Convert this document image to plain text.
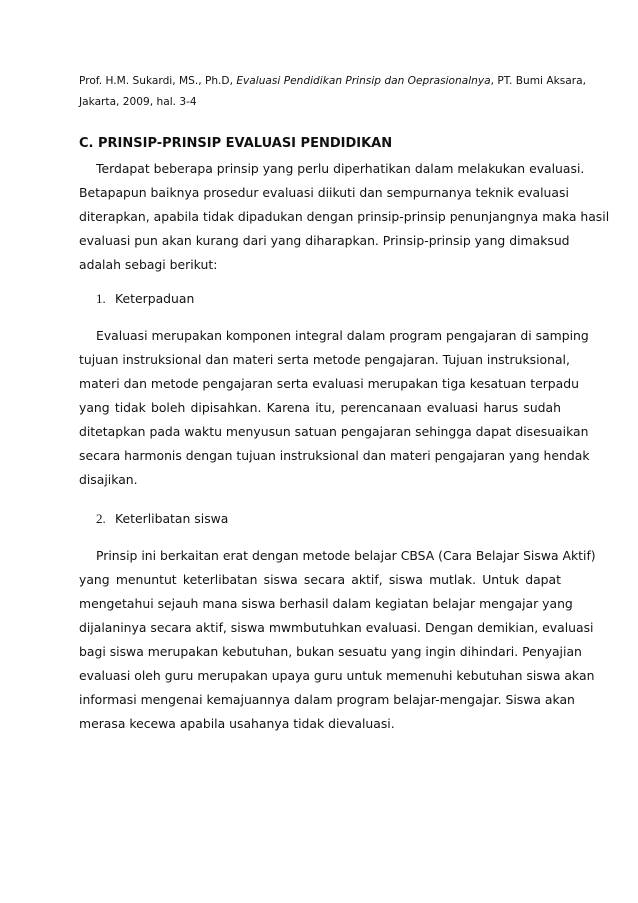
Prof. H.M. Sukardi, MS., Ph.D, Evaluasi Pendidikan Prinsip dan Oeprasionalnya, PT. Bumi Aksara,

Jakarta, 2009, hal. 3-4

C. PRINSIP-PRINSIP EVALUASI PENDIDIKAN

Terdapat beberapa prinsip yang perlu diperhatikan dalam melakukan evaluasi.

Betapapun baiknya prosedur evaluasi diikuti dan sempurnanya teknik evaluasi

diterapkan, apabila tidak dipadukan dengan prinsip-prinsip penunjangnya maka hasil

evaluasi pun akan kurang dari yang diharapkan. Prinsip-prinsip yang dimaksud

adalah sebagi berikut:

1. Keterpaduan

Evaluasi merupakan komponen integral dalam program pengajaran di samping

tujuan instruksional dan materi serta metode pengajaran. Tujuan instruksional,

materi dan metode pengajaran serta evaluasi merupakan tiga kesatuan terpadu

yang tidak boleh dipisahkan. Karena itu, perencanaan evaluasi harus sudah

ditetapkan pada waktu menyusun satuan pengajaran sehingga dapat disesuaikan

secara harmonis dengan tujuan instruksional dan materi pengajaran yang hendak

disajikan.

2. Keterlibatan siswa

Prinsip ini berkaitan erat dengan metode belajar CBSA (Cara Belajar Siswa Aktif)

yang menuntut keterlibatan siswa secara aktif, siswa mutlak. Untuk dapat

mengetahui sejauh mana siswa berhasil dalam kegiatan belajar mengajar yang

dijalaninya secara aktif, siswa mwmbutuhkan evaluasi. Dengan demikian, evaluasi

bagi siswa merupakan kebutuhan, bukan sesuatu yang ingin dihindari. Penyajian

evaluasi oleh guru merupakan upaya guru untuk memenuhi kebutuhan siswa akan

informasi mengenai kemajuannya dalam program belajar-mengajar. Siswa akan

merasa kecewa apabila usahanya tidak dievaluasi.
